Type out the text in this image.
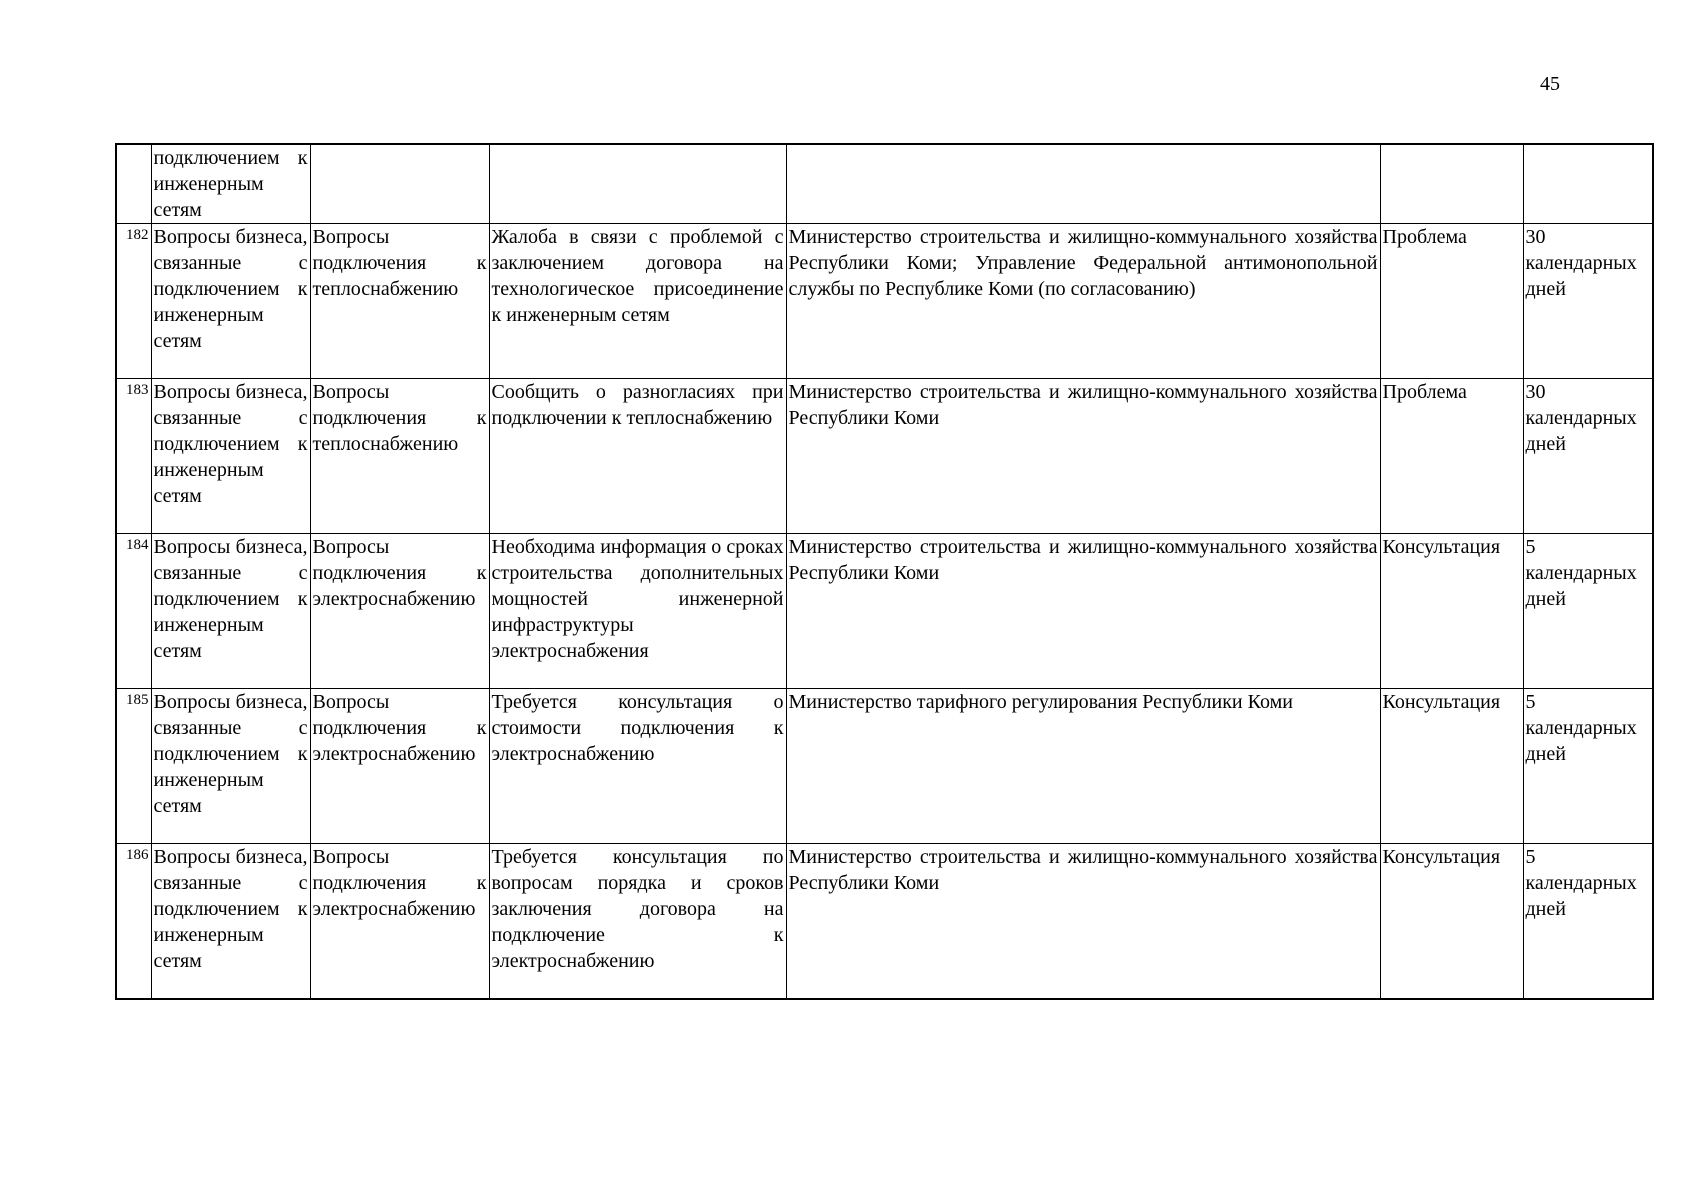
45
	подключением к инженерным сетям					
182	Вопросы бизнеса, связанные с подключением к инженерным сетям	Вопросы подключения к теплоснабжению	Жалоба в связи с проблемой с заключением договора на технологическое присоединение к инженерным сетям	Министерство строительства и жилищно-коммунального хозяйства Республики Коми; Управление Федеральной антимонопольной службы по Республике Коми (по согласованию)	Проблема	30 календарных дней
183	Вопросы бизнеса, связанные с подключением к инженерным сетям	Вопросы подключения к теплоснабжению	Сообщить о разногласиях при подключении к теплоснабжению	Министерство строительства и жилищно-коммунального хозяйства Республики Коми	Проблема	30 календарных дней
184	Вопросы бизнеса, связанные с подключением к инженерным сетям	Вопросы подключения к электроснабжению	Необходима информация о сроках строительства дополнительных мощностей инженерной инфраструктуры электроснабжения	Министерство строительства и жилищно-коммунального хозяйства Республики Коми	Консультация	5 календарных дней
185	Вопросы бизнеса, связанные с подключением к инженерным сетям	Вопросы подключения к электроснабжению	Требуется консультация о стоимости подключения к электроснабжению	Министерство тарифного регулирования Республики Коми	Консультация	5 календарных дней
186	Вопросы бизнеса, связанные с подключением к инженерным сетям	Вопросы подключения к электроснабжению	Требуется консультация по вопросам порядка и сроков заключения договора на подключение к электроснабжению	Министерство строительства и жилищно-коммунального хозяйства Республики Коми	Консультация	5 календарных дней
